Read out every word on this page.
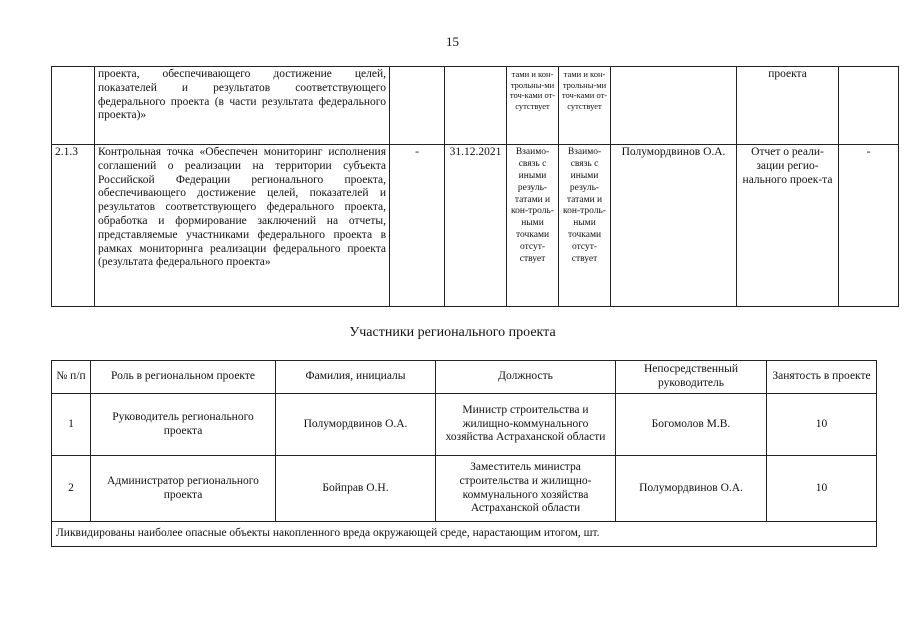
15
	проекта, обеспечивающего достижение целей, показателей и результатов соответствующего федерального проекта (в части результата федерального проекта)»			тами и кон-трольны-ми точ-ками от-сутствует	тами и кон-трольны-ми точ-ками от-сутствует		проекта	
2.1.3	Контрольная точка «Обеспечен мониторинг исполнения соглашений о реализации на территории субъекта Российской Федерации регионального проекта, обеспечивающего достижение целей, показателей и результатов соответствующего федерального проекта, обработка и формирование заключений на отчеты, представляемые участниками федерального проекта в рамках мониторинга реализации федерального проекта (результата федерального проекта»	-	31.12.2021	Взаимо-связь с иными резуль-татами и кон-троль-ными точками отсут-ствует	Взаимо-связь с иными резуль-татами и кон-троль-ными точками отсут-ствует	Полумордвинов О.А.	Отчет о реали-зации регио-нального проек-та	-
Участники регионального проекта
№ п/п	Роль в региональном проекте	Фамилия, инициалы	Должность	Непосредственный руководитель	Занятость в проекте
1	Руководитель регионального проекта	Полумордвинов О.А.	Министр строительства и жилищно-коммунального хозяйства Астраханской области	Богомолов М.В.	10
2	Администратор регионального проекта	Бойправ О.Н.	Заместитель министра строительства и жилищно-коммунального хозяйства Астраханской области	Полумордвинов О.А.	10
Ликвидированы наиболее опасные объекты накопленного вреда окружающей среде, нарастающим итогом, шт.					
